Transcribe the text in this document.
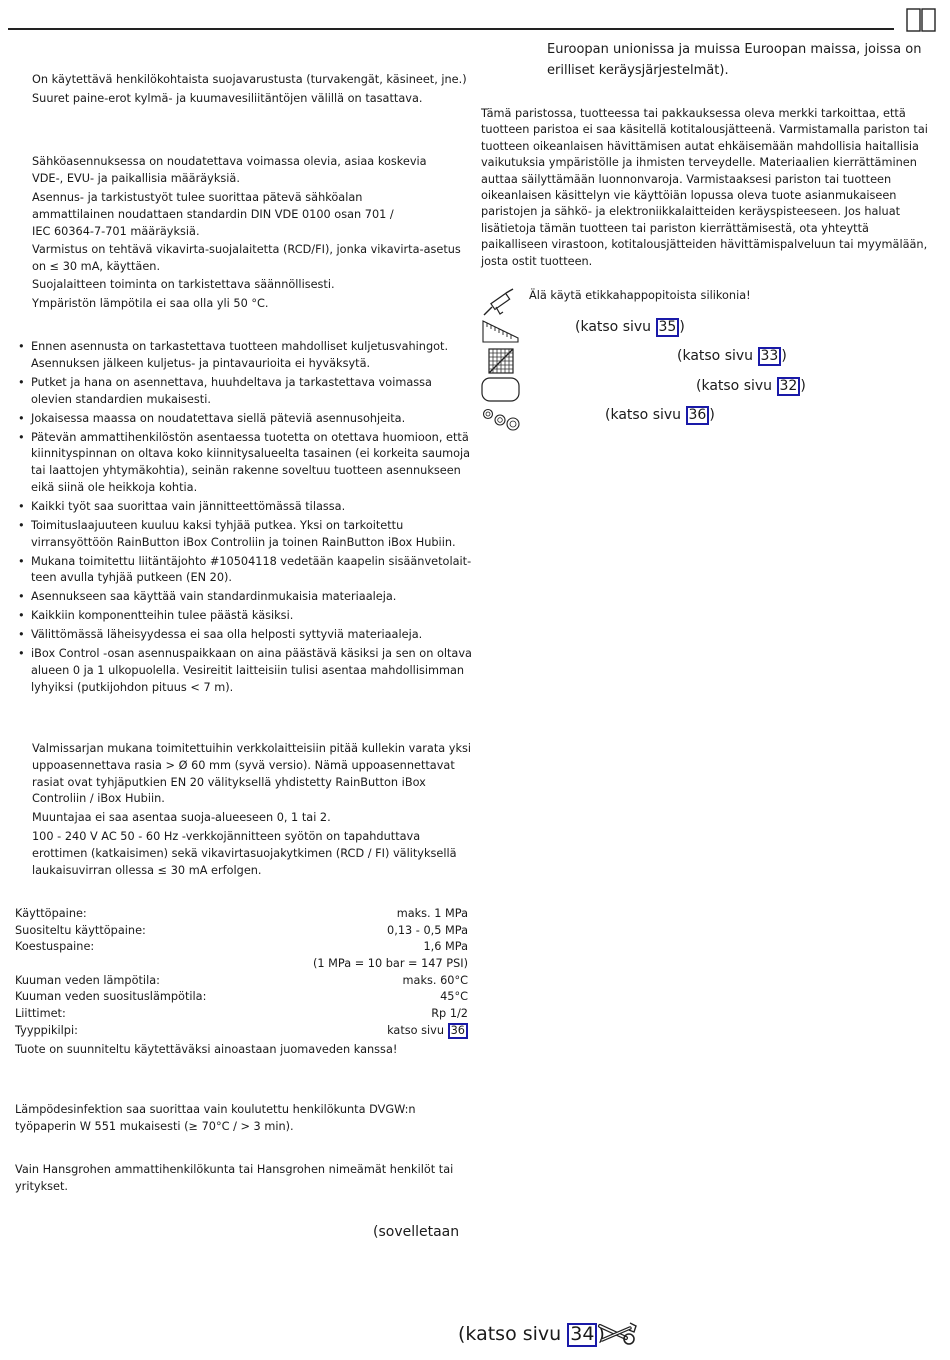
On käytettävä henkilökohtaista suojavarustusta (turvakengät, käsineet, jne.)

Suuret paine-erot kylmä- ja kuumavesiliitäntöjen välillä on tasattava.

Sähköasennuksessa on noudatettava voimassa olevia, asiaa koskevia VDE-, EVU- ja paikallisia määräyksiä.

Asennus- ja tarkistustyöt tulee suorittaa pätevä sähköalan ammattilainen noudattaen standardin DIN VDE 0100 osan 701 /
IEC 60364-7-701 määräyksiä.

Varmistus on tehtävä vikavirta-suojalaitetta (RCD/FI), jonka vikavirta-asetus on ≤ 30 mA, käyttäen.

Suojalaitteen toiminta on tarkistettava säännöllisesti.

Ympäristön lämpötila ei saa olla yli 50 °C.

• Ennen asennusta on tarkastettava tuotteen mahdolliset kuljetusvahingot. Asennuksen jälkeen kuljetus- ja pintavaurioita ei hyväksytä.
• Putket ja hana on asennettava, huuhdeltava ja tarkastettava voimassa olevien standardien mukaisesti.
• Jokaisessa maassa on noudatettava siellä päteviä asennusohjeita.
• Pätevän ammattihenkilöstön asentaessa tuotetta on otettava huomioon, että kiinnityspinnan on oltava koko kiinnitysalueelta tasainen (ei korkeita saumoja tai laattojen yhtymäkohtia), seinän rakenne soveltuu tuotteen asennukseen eikä siinä ole heikkoja kohtia.
• Kaikki työt saa suorittaa vain jännitteettömässä tilassa.
• Toimituslaajuuteen kuuluu kaksi tyhjää putkea. Yksi on tarkoitettu virransyöttöön RainButton iBox Controliin ja toinen RainButton iBox Hubiin.
• Mukana toimitettu liitäntäjohto #10504118 vedetään kaapelin sisäänvetolaitteen avulla tyhjää putkeen (EN 20).
• Asennukseen saa käyttää vain standardinmukaisia materiaaleja.
• Kaikkiin komponentteihin tulee päästä käsiksi.
• Välittömässä läheisyydessa ei saa olla helposti syttyviä materiaaleja.
• iBox Control -osan asennuspaikkaan on aina päästävä käsiksi ja sen on oltava alueen 0 ja 1 ulkopuolella. Vesireitit laitteisiin tulisi asentaa mahdollisimman lyhyiksi (putkijohdon pituus < 7 m).

Valmissarjan mukana toimitettuihin verkkolaitteisiin pitää kullekin varata yksi uppoasennettava rasia > Ø 60 mm (syvä versio). Nämä uppoasennettavat rasiat ovat tyhjäputkien EN 20 välityksellä yhdistetty RainButton iBox Controliin / iBox Hubiin.

Muuntajaa ei saa asentaa suoja-alueeseen 0, 1 tai 2.

100 - 240 V AC 50 - 60 Hz -verkkojännitteen syötön on tapahduttava erottimen (katkaisimen) sekä vikavirtasuojakytkimen (RCD / FI) välityksellä laukaisuvirran ollessa ≤ 30 mA erfolgen.

Käyttöpaine:	maks. 1 MPa
Suositeltu käyttöpaine:	0,13 - 0,5 MPa
Koestuspaine:	1,6 MPa
(1 MPa = 10 bar = 147 PSI)
Kuuman veden lämpötila:	maks. 60°C
Kuuman veden suosituslämpötila:	45°C
Liittimet:	Rp 1/2
Tyyppikilpi:	katso sivu 36
Tuote on suunniteltu käytettäväksi ainoastaan juomaveden kanssa!

Lämpödesinfektion saa suorittaa vain koulutettu henkilökunta DVGW:n työpaperin W 551 mukaisesti (≥ 70°C / > 3 min).

Vain Hansgrohen ammattihenkilökunta tai Hansgrohen nimeämät henkilöt tai yritykset.

(sovelletaan
(katso sivu 34 )

Euroopan unionissa ja muissa Euroopan maissa, joissa on erilliset keräysjärjestelmät).

Tämä paristossa, tuotteessa tai pakkauksessa oleva merkki tarkoittaa, että tuotteen paristoa ei saa käsitellä kotitalousjätteenä. Varmistamalla pariston tai tuotteen oikeanlaisen hävittämisen autat ehkäisemään mahdollisia haitallisia vaikutuksia ympäristölle ja ihmisten terveydelle. Materiaalien kierrättäminen auttaa säilyttämään luonnonvaroja. Varmistaaksesi pariston tai tuotteen oikeanlaisen käsittelyn vie käyttöiän lopussa oleva tuote asianmukaiseen paristojen ja sähkö- ja elektroniikkalaitteiden keräyspisteeseen. Jos haluat lisätietoja tämän tuotteen tai pariston kierrättämisestä, ota yhteyttä paikalliseen virastoon, kotitalousjätteiden hävittämispalveluun tai myymälään, josta ostit tuotteen.

Älä käytä etikkahappopitoista silikonia!
(katso sivu 35 )
(katso sivu 33 )
(katso sivu 32 )
(katso sivu 36 )
